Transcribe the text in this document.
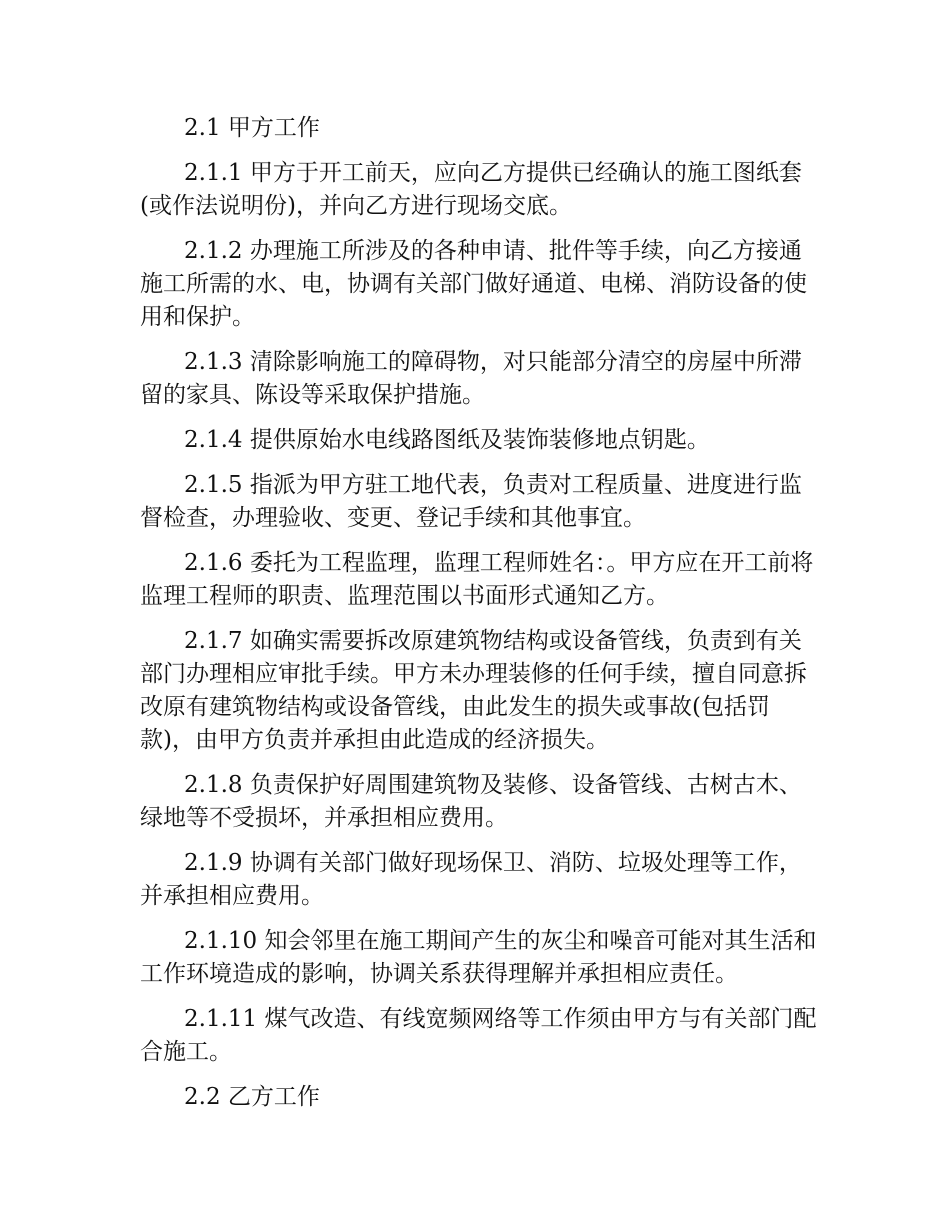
2.1 甲方工作

2.1.1 甲方于开工前天，应向乙方提供已经确认的施工图纸套(或作法说明份)，并向乙方进行现场交底。

2.1.2 办理施工所涉及的各种申请、批件等手续，向乙方接通施工所需的水、电，协调有关部门做好通道、电梯、消防设备的使用和保护。

2.1.3 清除影响施工的障碍物，对只能部分清空的房屋中所滞留的家具、陈设等采取保护措施。

2.1.4 提供原始水电线路图纸及装饰装修地点钥匙。

2.1.5 指派为甲方驻工地代表，负责对工程质量、进度进行监督检查，办理验收、变更、登记手续和其他事宜。

2.1.6 委托为工程监理，监理工程师姓名：。甲方应在开工前将监理工程师的职责、监理范围以书面形式通知乙方。

2.1.7 如确实需要拆改原建筑物结构或设备管线，负责到有关部门办理相应审批手续。甲方未办理装修的任何手续，擅自同意拆改原有建筑物结构或设备管线，由此发生的损失或事故(包括罚款)，由甲方负责并承担由此造成的经济损失。

2.1.8 负责保护好周围建筑物及装修、设备管线、古树古木、绿地等不受损坏，并承担相应费用。

2.1.9 协调有关部门做好现场保卫、消防、垃圾处理等工作，并承担相应费用。

2.1.10 知会邻里在施工期间产生的灰尘和噪音可能对其生活和工作环境造成的影响，协调关系获得理解并承担相应责任。

2.1.11 煤气改造、有线宽频网络等工作须由甲方与有关部门配合施工。

2.2 乙方工作
